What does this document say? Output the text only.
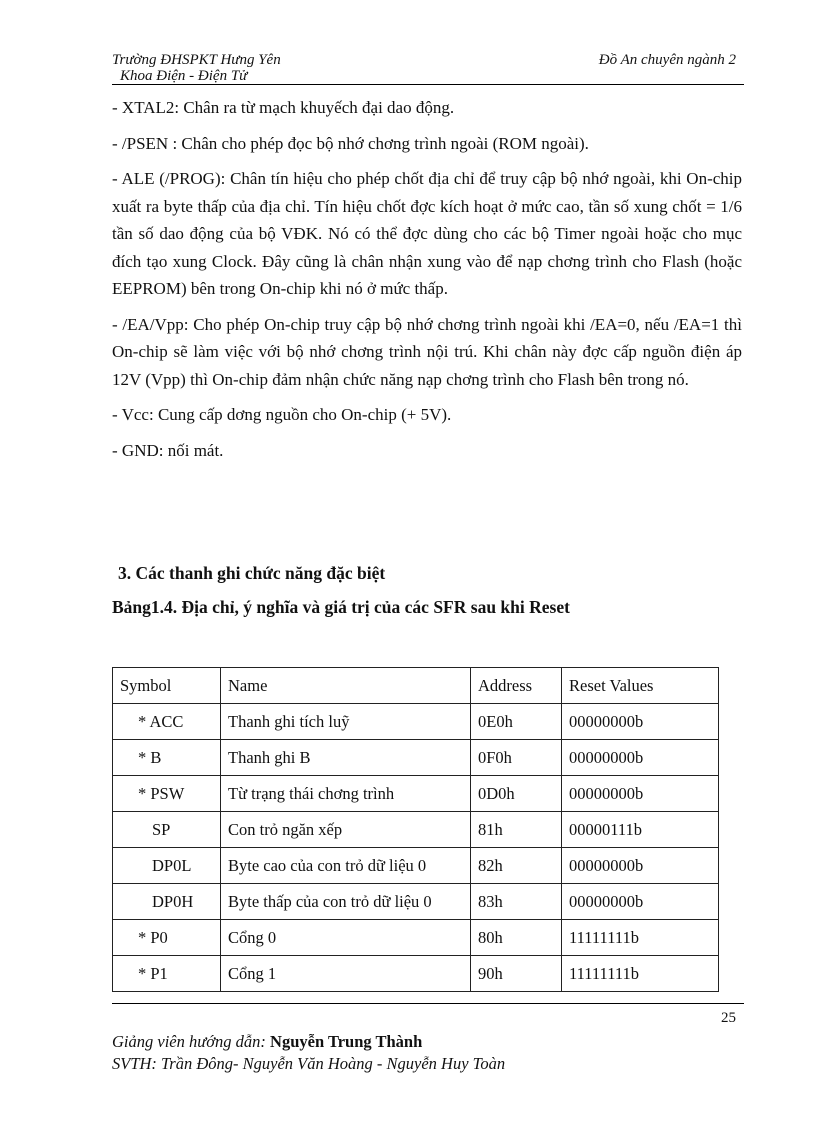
Trường ĐHSPKT Hưng Yên
Khoa Điện - Điện Tử
Đồ An chuyên ngành 2

- XTAL2: Chân ra từ mạch khuyếch đại dao động.

- /PSEN : Chân cho phép đọc bộ nhớ chơng trình ngoài (ROM ngoài).

- ALE (/PROG): Chân tín hiệu cho phép chốt địa chỉ để truy cập bộ nhớ ngoài, khi On-chip xuất ra byte thấp của địa chỉ. Tín hiệu chốt đợc kích hoạt ở mức cao, tần số xung chốt = 1/6 tần số dao động của bộ VĐK. Nó có thể đợc dùng cho các bộ Timer ngoài hoặc cho mục đích tạo xung Clock. Đây cũng là chân nhận xung vào để nạp chơng trình cho Flash (hoặc EEPROM) bên trong On-chip khi nó ở mức thấp.

- /EA/Vpp: Cho phép On-chip truy cập bộ nhớ chơng trình ngoài khi /EA=0, nếu /EA=1 thì On-chip sẽ làm việc với bộ nhớ chơng trình nội trú. Khi chân này đợc cấp nguồn điện áp 12V (Vpp) thì On-chip đảm nhận chức năng nạp chơng trình cho Flash bên trong nó.

- Vcc: Cung cấp dơng nguồn cho On-chip (+ 5V).

- GND: nối mát.

3. Các thanh ghi chức năng đặc biệt
Bảng1.4. Địa chỉ, ý nghĩa và giá trị của các SFR sau khi Reset
Symbol	Name	Address	Reset Values
* ACC	Thanh ghi tích luỹ	0E0h	00000000b
* B	Thanh ghi B	0F0h	00000000b
* PSW	Từ trạng thái chơng trình	0D0h	00000000b
SP	Con trỏ ngăn xếp	81h	00000111b
DP0L	Byte cao của con trỏ dữ liệu 0	82h	00000000b
DP0H	Byte thấp của con trỏ dữ liệu 0	83h	00000000b
* P0	Cổng 0	80h	11111111b
* P1	Cổng 1	90h	11111111b
25
Giảng viên hướng dẫn: Nguyễn Trung Thành
SVTH: Trần Đông- Nguyễn Văn Hoàng - Nguyễn Huy Toàn
